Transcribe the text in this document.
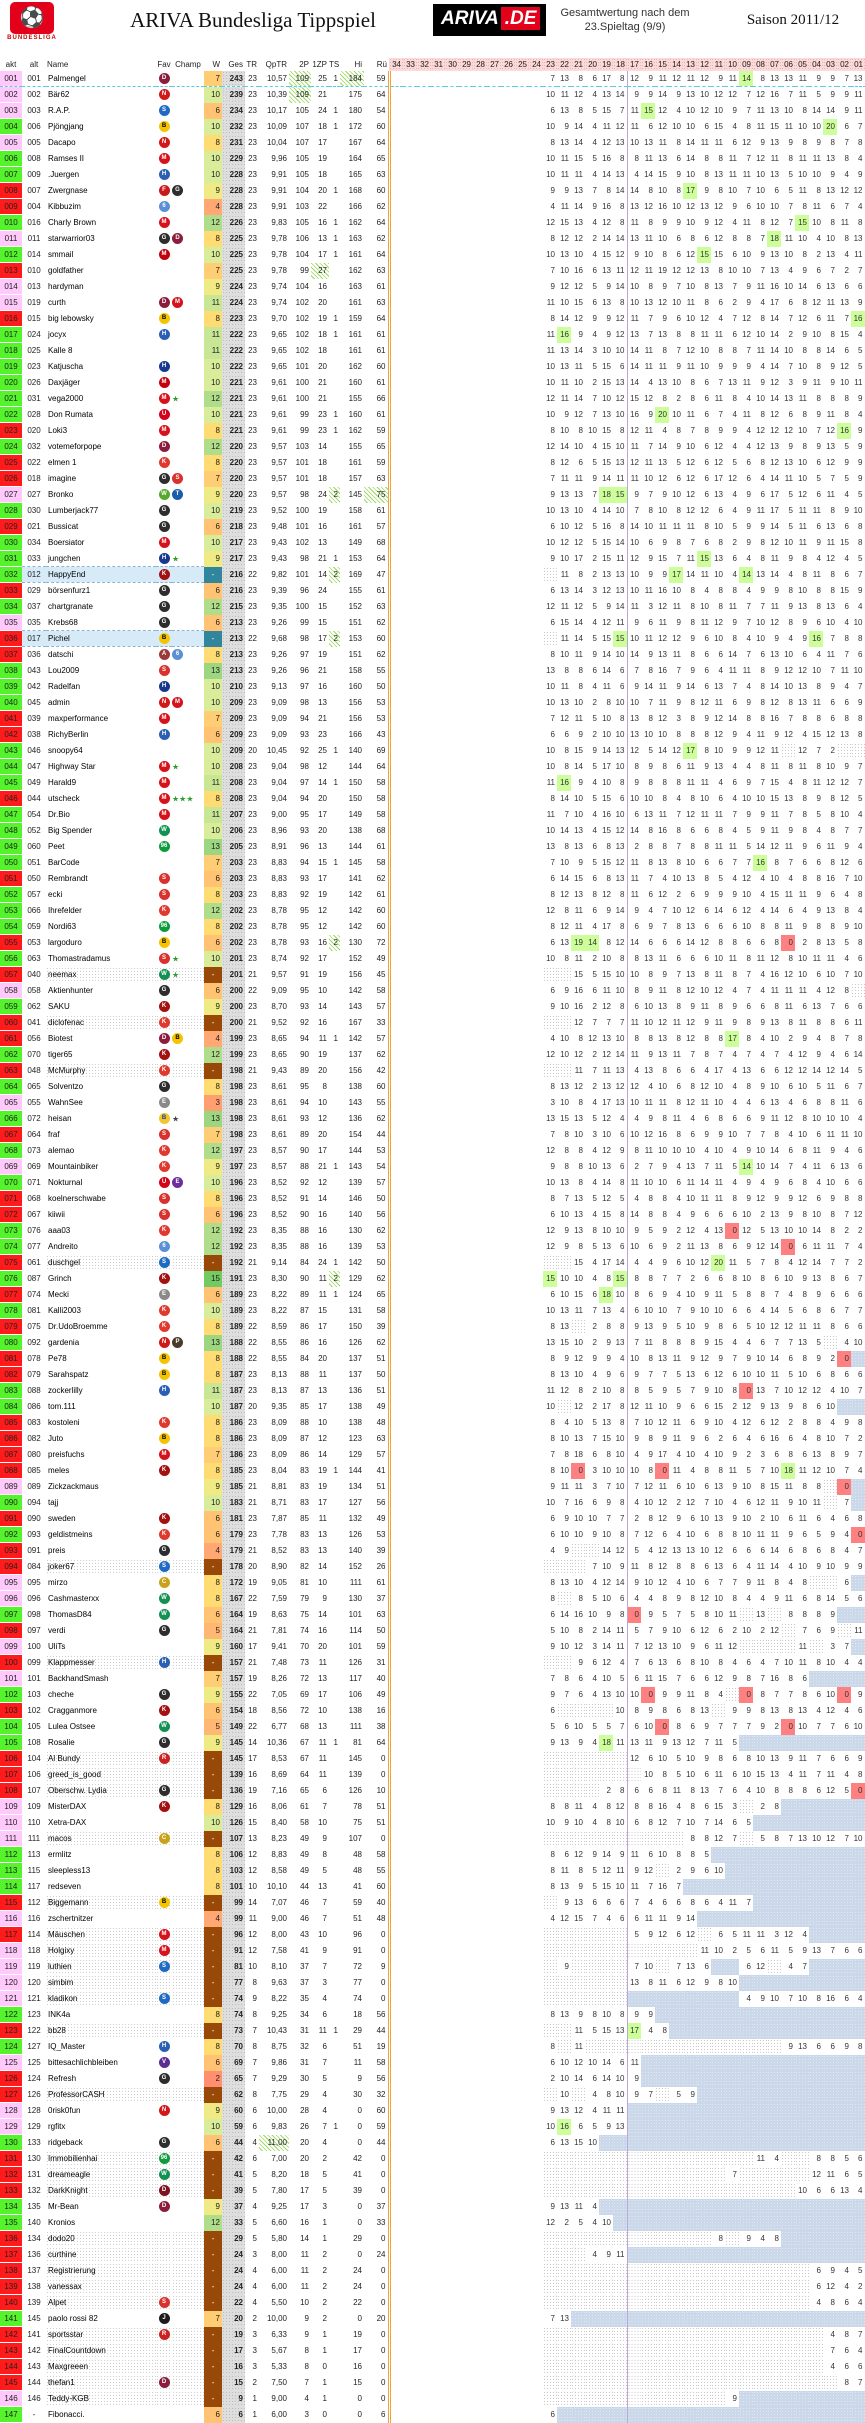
⚽
BUNDESLIGA
ARIVA Bundesliga Tippspiel	ARIVA .DE	Gesamtwertung nach dem
23.Spieltag (9/9)	Saison 2011/12
akt	alt	Name	Fav	Champ	W	Ges	TR	QpTR	2P	1ZP	TS	Hi	Rü	34	33	32	31	30	29	28	27	26	25	24	23	22	21	20	19	18	17	16	15	14	13	12	11	10	09	08	07	06	05	04	03	02	01
001	001	Palmengel	D		7	243	23	10,57	109	25	1	184	59												7	13	8	6	17	8	12	9	11	12	11	12	9	11	14	8	13	13	11	9	9	7	13
002	002	Bär62	N		10	239	23	10,39	109	21		175	64												10	11	12	4	13	14	9	9	14	9	13	10	12	12	7	12	16	7	11	5	9	9	11
003	003	R.A.P.	S		6	234	23	10,17	105	24	1	180	54												6	13	8	5	15	7	11	15	12	4	10	12	10	9	7	11	13	10	8	14	14	9	11
004	006	Pjöngjang	B		10	232	23	10,09	107	18	1	172	60												10	9	14	4	11	12	11	6	12	10	10	6	15	4	8	11	15	11	10	10	20	6	7
005	005	Dacapo	N		8	231	23	10,04	107	17		167	64												8	13	14	4	12	13	10	13	11	8	14	11	11	6	12	9	13	9	8	9	8	7	8
006	008	Ramses II	M		10	229	23	9,96	105	19		164	65												10	11	15	5	16	8	8	11	13	6	14	8	8	11	7	12	11	8	11	11	13	8	4
007	009	.Juergen	H		10	228	23	9,91	105	18		165	63												10	11	11	4	14	13	4	14	15	9	10	8	13	11	11	10	13	5	10	10	9	4	9
008	007	Zwergnase	F	G	9	228	23	9,91	104	20	1	168	60												9	9	13	7	8	14	14	8	10	8	17	9	8	10	7	10	6	5	11	8	13	12	12
009	004	Kibbuzim	6		4	228	23	9,91	103	22		166	62												4	11	14	9	16	8	13	12	16	10	12	13	12	9	6	10	10	7	8	11	6	7	4
010	016	Charly Brown	M		12	226	23	9,83	105	16	1	162	64												12	15	13	4	12	8	11	8	9	9	10	9	12	4	11	8	12	7	15	10	8	11	8
011	011	starwarrior03	G	D	8	225	23	9,78	106	13	1	163	62												8	12	12	2	14	14	13	11	10	6	8	6	12	8	8	7	18	11	10	4	10	8	13
012	014	smmail	M		10	225	23	9,78	104	17	1	161	64												10	13	10	4	15	12	9	10	8	6	12	15	15	6	10	9	13	10	8	2	13	4	11
013	010	goldfather			7	225	23	9,78	99	27		162	63												7	10	16	6	13	11	12	11	19	12	12	13	8	10	10	7	13	4	9	6	7	2	7
014	013	hardyman			9	224	23	9,74	104	16		163	61												9	12	12	5	9	14	10	8	9	7	10	8	13	7	9	11	16	10	14	6	13	6	6
015	019	curth	D	M	11	224	23	9,74	102	20		161	63												11	10	15	6	13	8	10	13	12	10	11	8	6	2	9	4	17	6	8	12	11	13	9
016	015	big lebowsky	B		8	223	23	9,70	102	19	1	159	64												8	14	12	9	9	12	11	7	9	6	10	12	4	7	12	8	14	7	12	6	11	7	16
017	024	jocyx	H		11	222	23	9,65	102	18	1	161	61												11	16	9	4	9	12	13	7	13	8	8	11	11	6	12	10	14	2	9	10	8	15	4
018	025	Kalle 8			11	222	23	9,65	102	18		161	61												11	13	14	3	10	10	14	11	8	7	12	10	8	8	7	11	14	10	8	8	14	6	5
019	023	Katjuscha	H		10	222	23	9,65	101	20		162	60												10	13	11	5	15	6	14	11	11	9	11	10	9	9	9	4	14	7	10	8	9	12	5
020	026	Daxjäger	M		10	221	23	9,61	100	21		160	61												10	11	10	2	15	13	14	4	13	10	8	6	7	13	11	9	12	3	9	11	9	10	11
021	031	vega2000	M	★	12	221	23	9,61	100	21		155	66												12	11	14	7	10	12	15	12	8	2	8	6	11	8	4	10	14	13	11	8	8	8	9
022	028	Don Rumata	U		10	221	23	9,61	99	23	1	160	61												10	9	12	7	13	10	16	9	20	10	11	6	7	4	11	8	12	6	8	9	11	8	4
023	020	Loki3	M		8	221	23	9,61	99	23	1	162	59												8	10	8	10	15	8	12	11	4	8	7	8	9	9	4	12	12	12	10	7	12	16	9
024	032	votemeforpope	D		12	220	23	9,57	103	14		155	65												12	14	10	4	15	10	11	7	14	9	10	6	12	4	4	12	13	9	8	9	13	5	9
025	022	elmen 1	K		8	220	23	9,57	101	18		161	59												8	12	6	5	15	13	12	11	13	5	12	6	12	5	6	8	12	13	10	6	12	9	9
026	018	imagine	G	S	7	220	23	9,57	101	18		157	63												7	11	11	9	14	11	11	10	12	6	12	6	17	12	6	4	14	11	10	5	7	5	9
027	027	Bronko	W	T	9	220	23	9,57	98	24	2	145	75												9	13	13	7	18	15	9	7	9	10	12	6	13	4	9	6	17	5	12	6	11	4	5
028	030	Lumberjack77	G		10	219	23	9,52	100	19		158	61												10	13	10	4	14	10	7	8	10	8	12	12	6	4	9	11	17	5	11	11	8	9	10
029	021	Bussicat	G		6	218	23	9,48	101	16		161	57												6	10	12	5	16	8	14	10	11	11	11	8	10	5	9	9	14	5	11	6	13	6	8
030	034	Boersiator	M		10	217	23	9,43	102	13		149	68												10	12	12	5	15	14	10	6	9	8	7	6	8	2	9	8	12	10	11	9	11	15	8
031	033	jungchen	H	★	9	217	23	9,43	98	21	1	153	64												9	10	17	2	15	11	12	9	15	7	11	15	13	6	4	8	11	9	8	4	12	4	5
032	012	HappyEnd	K		-	216	22	9,82	101	14	2	169	47													11	8	2	13	13	10	9	9	17	14	11	10	4	14	13	14	4	8	11	8	6	7
033	029	börsenfurz1	G		6	216	23	9,39	96	24		155	61												6	13	14	3	12	13	10	11	16	10	8	4	8	8	4	9	9	8	10	8	8	15	9
034	037	chartgranate	G		12	215	23	9,35	100	15		152	63												12	11	12	5	9	14	11	3	12	11	8	10	8	11	7	7	11	9	13	8	13	6	4
035	035	Krebs68	G		6	213	23	9,26	99	15		151	62												6	15	14	4	12	11	9	6	11	9	8	11	12	9	7	10	12	8	9	6	10	4	10
036	017	Pichel	B		-	213	22	9,68	98	17	2	153	60													11	14	5	15	15	10	11	12	12	9	6	10	8	4	10	9	4	9	16	7	8	8
037	036	datschi	A	6	8	213	23	9,26	97	19		151	62												8	10	11	9	14	10	14	9	13	11	8	6	6	14	7	6	13	10	6	4	11	7	6
038	043	Lou2009	S		13	213	23	9,26	96	21		158	55												13	8	8	6	14	6	7	8	16	7	9	6	4	11	11	8	9	12	12	10	7	11	10
039	042	Radelfan	H		10	210	23	9,13	97	16		160	50												10	11	8	4	11	6	9	14	11	9	14	6	13	7	4	8	14	10	13	8	9	4	7
040	045	admin	N	M	10	209	23	9,09	98	13		156	53												10	13	10	2	8	10	10	7	11	9	8	12	11	6	9	8	12	8	13	11	6	6	9
041	039	maxperformance	M		7	209	23	9,09	94	21		156	53												7	12	11	5	10	8	13	8	12	3	8	9	12	14	8	8	16	7	8	8	6	8	8
042	038	RichyBerlin	H		6	209	23	9,09	93	23		166	43												6	6	9	2	10	10	13	10	10	8	8	8	12	9	4	11	9	12	4	15	12	13	8
043	046	snoopy64			10	209	20	10,45	92	25	1	140	69												10	8	15	9	14	13	12	5	14	12	17	8	10	9	9	12	11		12	7	2		
044	047	Highway Star	M	★	10	208	23	9,04	98	12		144	64												10	8	14	5	17	10	8	9	8	6	11	9	13	4	4	8	11	8	11	8	10	9	7
045	049	Harald9	M		11	208	23	9,04	97	14	1	150	58												11	16	9	4	10	8	9	8	8	8	11	11	4	6	9	7	15	4	8	11	12	12	7
046	044	utscheck	M	★★★	8	208	23	9,04	94	20		150	58												8	14	10	5	15	6	10	10	8	4	8	10	6	4	10	10	15	13	8	9	8	12	5
047	054	Dr.Bio	M		11	207	23	9,00	95	17		149	58												11	7	10	4	16	10	6	13	11	7	12	11	11	7	9	9	11	7	8	5	8	10	4
048	052	Big Spender	W		10	206	23	8,96	93	20		138	68												10	14	13	4	15	12	14	8	16	8	6	6	8	4	5	9	11	9	8	4	8	7	7
049	060	Peet	96		13	205	23	8,91	96	13		144	61												13	8	13	6	8	13	2	8	8	7	8	8	11	11	5	14	12	11	9	6	11	9	4
050	051	BarCode			7	203	23	8,83	94	15	1	145	58												7	10	9	5	15	12	11	8	13	8	10	6	6	7	7	16	8	7	6	6	8	12	6
051	050	Rembrandt	S		6	203	23	8,83	93	17		141	62												6	14	15	6	8	13	11	7	4	10	13	8	5	4	12	4	10	4	8	8	16	7	10
052	057	ecki	S		8	203	23	8,83	92	19		142	61												8	12	13	8	12	8	11	6	12	2	6	9	9	9	10	4	15	11	11	9	6	4	8
053	066	Ihrefelder	K		12	202	23	8,78	95	12		142	60												12	8	11	6	9	14	9	4	7	10	12	6	14	6	12	4	14	6	4	9	13	8	4
054	059	Nordi63	96		8	202	23	8,78	95	12		142	60												8	12	11	4	17	8	6	9	7	8	13	6	6	6	10	8	8	11	9	8	8	9	10
055	053	largoduro	B		6	202	23	8,78	93	16	2	130	72												6	13	19	14	8	12	14	6	6	6	14	12	8	8	6	6	8	0	2	8	13	5	8
056	063	Thomastradamus	S	★	10	201	23	8,74	92	17		152	49												10	8	11	2	10	8	8	13	11	6	6	6	10	11	8	11	12	8	10	11	11	4	6
057	040	neemax	W	★	-	201	21	9,57	91	19		156	45														15	5	15	10	10	8	9	7	13	8	11	8	7	4	16	12	10	6	10	7	10
058	058	Aktienhunter	G		6	200	22	9,09	95	10		142	58												6	9	16	6	11	10	8	9	11	8	12	10	12	4	7	4	11	11	11	4	12	8	
059	062	SAKU	K		9	200	23	8,70	93	14		143	57												9	10	16	2	12	8	6	10	13	8	9	11	8	9	6	6	8	11	6	13	7	6	6
060	041	diclofenac	K		-	200	21	9,52	92	16		167	33														12	7	7	7	11	10	12	11	12	9	11	9	8	9	13	8	11	8	8	6	11
061	056	Biotest	D	B	4	199	23	8,65	94	11	1	142	57												4	10	8	12	13	10	8	8	13	8	12	8	8	17	8	4	10	2	9	4	8	7	8
062	070	tiger65	K		12	199	23	8,65	90	19		137	62												12	10	12	2	12	14	11	9	13	11	7	8	7	4	7	4	7	4	12	9	4	6	14
063	048	McMurphy	K		-	198	21	9,43	89	20		156	42														11	7	11	13	4	13	8	6	6	4	17	4	13	6	6	12	12	14	12	14	5
064	065	Solventzo	G		8	198	23	8,61	95	8		138	60												8	13	12	2	13	12	12	4	10	6	8	12	10	4	8	9	10	6	10	5	11	6	7
065	055	WahnSee	E		3	198	23	8,61	94	10		143	55												3	10	8	4	17	13	10	11	11	8	12	11	10	4	4	6	13	4	6	8	8	11	6
066	072	heisan	B	★	13	198	23	8,61	93	12		136	62												13	15	13	5	12	4	4	9	8	11	4	6	8	6	6	9	11	12	8	10	10	10	4
067	064	fraf	S		7	198	23	8,61	89	20		154	44												7	8	10	3	10	6	10	12	16	8	6	9	9	10	7	7	8	4	10	6	11	11	10
068	073	alemao	K		12	197	23	8,57	90	17		144	53												12	8	8	4	12	9	8	11	10	10	10	4	10	4	9	10	14	6	8	11	9	4	6
069	069	Mountainbiker	K		9	197	23	8,57	88	21	1	143	54												9	8	8	10	13	6	2	7	9	4	13	7	11	5	14	10	14	7	4	11	6	13	6
070	071	Nokturnal	U	E	10	196	23	8,52	92	12		139	57												10	13	8	4	14	8	11	10	10	6	11	14	11	4	9	4	9	6	8	4	10	6	6
071	068	koelnerschwabe	S		8	196	23	8,52	91	14		146	50												8	7	13	5	12	5	4	8	8	4	10	11	11	8	9	12	9	9	12	6	9	8	8
072	067	kiiwii	S		6	196	23	8,52	90	16		140	56												6	10	13	4	15	8	14	8	8	4	9	6	6	6	10	2	13	9	8	10	8	7	12
073	076	aaa03	K		12	192	23	8,35	88	16		130	62												12	9	13	8	10	10	9	5	9	2	12	4	13	0	12	5	13	10	10	14	8	2	2
074	077	Andreito	6		12	192	23	8,35	88	16		139	53												12	9	8	5	13	6	10	6	9	2	11	13	8	6	9	12	14	0	6	11	11	7	4
075	061	duschgel	S		-	192	21	9,14	84	24	1	142	50														15	4	17	14	4	4	9	6	10	12	20	11	5	7	8	4	12	14	7	7	2
076	087	Grinch	K		15	191	23	8,30	90	11	2	129	62												15	10	10	4	8	15	8	8	7	7	2	6	6	8	10	8	6	10	9	13	8	6	7
077	074	Mecki	E		6	189	23	8,22	89	11	1	124	65												6	10	15	6	18	10	8	6	9	4	10	9	11	5	8	8	7	4	8	9	6	6	6
078	081	Kalli2003	K		10	189	23	8,22	87	15		131	58												10	13	11	7	13	4	6	10	10	7	9	10	10	6	6	4	14	5	6	8	6	7	7
079	075	Dr.UdoBroemme	K		8	189	22	8,59	86	17		150	39												8	13		2	8	8	9	13	9	5	10	9	8	6	5	10	12	12	11	11	8	6	6
080	092	gardenia	N	P	13	188	22	8,55	86	16		126	62												13	15	10	2	9	13	7	11	8	8	8	9	15	4	4	6	7	7	13	5		4	10
081	078	Pe78	B		8	188	22	8,55	84	20		137	51												8	9	12	9	9	4	10	8	13	11	9	12	9	7	9	10	14	6	8	9	2	0	
082	079	Sarahspatz	B		8	187	23	8,13	88	11		137	50												8	13	10	4	9	6	9	7	7	5	13	6	12	6	10	10	11	5	10	6	8	6	6
083	088	zockerlilly	H		11	187	23	8,13	87	13		136	51												11	12	8	2	10	8	8	5	9	5	7	9	10	8	0	13	7	10	12	12	4	10	7
084	086	tom.111			10	187	20	9,35	85	17		138	49												10		12	2	17	8	12	11	10	9	6	6	15	2	12	9	13	9	8	6	10		
085	083	kostoleni	K		8	186	23	8,09	88	10		138	48												8	4	10	5	13	8	7	10	12	11	6	9	10	4	12	6	12	2	8	8	4	9	8
086	082	Juto	B		8	186	23	8,09	87	12		123	63												8	10	13	7	15	10	9	8	9	11	9	6	2	6	4	6	16	6	4	8	10	7	2
087	080	preisfuchs	M		7	186	23	8,09	86	14		129	57												7	8	18	6	8	10	4	9	17	4	10	4	10	9	2	3	6	8	6	13	8	9	7
088	085	meles	K		8	185	23	8,04	83	19	1	144	41												8	10	0	3	10	10	10	8	0	11	4	8	8	11	5	7	10	18	11	12	10	7	4
089	089	Zickzackmaus			9	185	21	8,81	83	19		134	51												9	11	11	3	7	10	7	12	11	6	10	6	13	9	10	8	15	11	8	8		0	
090	094	tajj			10	183	21	8,71	83	17		127	56												10	7	16	6	9	8	4	10	12	2	12	7	10	4	6	12	11	9	10	11		7	
091	090	sweden	K		6	181	23	7,87	85	11		132	49												6	9	10	10	7	7	2	8	12	9	6	10	13	9	10	2	10	6	11	6	4	6	8
092	093	geldistmeins	K		6	179	23	7,78	83	13		126	53												6	10	10	9	10	8	7	12	6	4	10	6	8	8	10	11	11	9	6	5	9	4	0
093	091	preis	G		4	179	21	8,52	83	13		140	39												4	9			14	12	5	4	12	13	13	10	12	6	6	6	14	6	8	6	8	4	7
094	084	joker67	S		-	178	20	8,90	82	14		152	26															7	10	9	11	8	12	8	8	6	13	6	4	11	14	4	10	9	10	9	9
095	095	mirzo	C		8	172	19	9,05	81	10		111	61												8	13	10	4	12	14	9	10	12	4	10	6	7	7	9	11	8	4	8			6	
096	096	Cashmasterxx	W		8	167	22	7,59	79	9		130	37												8		8	5	10	6	4	4	8	9	8	12	10	8	4	4	9	11	6	8	14	5	6
097	098	ThomasD84	W		6	164	19	8,63	75	14		101	63												6	14	16	10	9	8	0	9	5	7	5	8	10	11		13		8	8	8	9		
098	097	verdi	G		5	164	21	7,81	74	16		114	50												5	10	8	2	14	11	5	7	9	10	6	12	6	2	10	2	12		7	6	9		11
099	100	UliTs			9	160	17	9,41	70	20		101	59												9	10	12	3	14	11	7	12	13	10	9	6	11	12					11		3	7	
100	099	Klappmesser	H		-	157	21	7,48	73	11		126	31														9	6	12	4	7	6	13	6	8	10	8	4	6	4	7	10	11	8	10	4	4
101	101	BackhandSmash			7	157	19	8,26	72	13		117	40												7	8	6	4	10	5	6	11	15	7	6	6	12	9	8	7	16	8	6				
102	103	cheche	G		9	155	22	7,05	69	17		106	49												9	7	6	4	13	10	10	0	9	9	11	8	4		0	8	7	7	8	6	10	0	9
103	102	Cragganmore	K		6	154	18	8,56	72	10		138	16												6					10	8	9	8	6	8	13		9	9	8	13	8	13	4	12	4	6
104	105	Lulea Ostsee	W		5	149	22	6,77	68	13		111	38												5	6	10	5	5	7	6	10	0	8	6	9	7	7	7	9	2	0	10	7	7	6	10
105	108	Rosalie	G		9	145	14	10,36	67	11	1	81	64												9	13	9	4	18	11	13	11	9	13	12	7	11	5									
106	104	Al Bundy	R		-	145	17	8,53	67	11		145	0																		12	6	10	5	10	9	8	6	8	10	13	9	11	7	6	6	9
107	106	greed_is_good			-	139	16	8,69	64	11		139	0																			10	8	5	10	6	11	6	10	15	13	4	11	7	11	4	8
108	107	Oberschw. Lydia	G		-	136	19	7,16	65	6		126	10																2	8	6	6	8	11	8	13	7	6	4	10	8	8	8	6	12	5	0
109	109	MisterDAX	K		8	129	16	8,06	61	7		78	51												8	8	11	4	8	12	8	8	16	4	8	6	15	3		2	8						
110	110	Xetra-DAX			10	126	15	8,40	58	10		75	51												10	9	10	4	8	10	6	8	12	7	10	7	14	6	5								
111	111	macos	C		-	107	13	8,23	49	9		107	0																						8	8	12	7		5	8	7	13	10	12	7	10
112	113	ermlitz			8	106	12	8,83	49	8		48	58												8	6	12	9	14	9	11	6	10	8	8	5											
113	115	sleepless13			8	103	12	8,58	49	5		48	55												8	11	8	5	12	11	9	12		2	9	6	10										
114	117	redseven			8	101	10	10,10	44	13		41	60												8	13	9	5	15	10	11	7	16	7													
115	112	Biggemann	B		-	99	14	7,07	46	7		59	40													9	13	6	6	6	7	4	6	6	8	6	4	11	7								
116	116	zschertnitzer			4	99	11	9,00	46	7		51	48												4	12	15	7	4	6	6	11	11	9	14												
117	114	Mäuschen	M		-	96	12	8,00	43	10		96	0																		5	9	12	6	12		6	5	11	11	3	12	4				
118	118	Holgixy	M		-	91	12	7,58	41	9		91	0																							11	10	2	5	6	11	5	9	13	7	6	6
119	119	luthien	S		-	81	10	8,10	37	7		72	9													9					7	10		7	13	6			6	12		4	7				
120	120	simbim			-	77	8	9,63	37	3		77	0																		13	8	11	6	12	9	8	10									
121	121	kladikon	S		-	74	9	8,22	35	4		74	0																										4	9	10	7	10	8	16	6	4
122	123	INK4a			8	74	8	9,25	34	6		18	56												8	13	9	8	10	8	9	9															
123	122	bb28			-	73	7	10,43	31	11	1	29	44														11	5	15	13	17	4	8														
124	127	IQ_Master	H		8	70	8	8,75	32	6		51	19												8		11															9	13	6	6	9	8
125	125	bittesachlichbleiben	V		6	69	7	9,86	31	7		11	58												6	10	12	10	14	6	11																
126	124	Refresh	G		2	65	7	9,29	30	5		9	56												2	10	14	6	14	10	9																
127	126	ProfessorCASH			-	62	8	7,75	29	4		30	32													10		4	8	10	9	7		5	9												
128	128	0risk0fun	N		9	60	6	10,00	28	4		0	60												9	13	12	4	11	11																	
129	129	rgfitx			10	59	6	9,83	26	7	1	0	59												10	16	6	5	9	13																	
130	133	ridgeback	G		6	44	4	11,00	20	4		0	44												6	13	15	10																			
131	130	Immobilienhai	96		-	42	6	7,00	20	2		42	0																											11	4			8	8	5	6
132	131	dreameagle	W		-	41	5	8,20	18	5		41	0																									7						12	11	6	5
133	132	DarkKnight	D		-	39	5	7,80	17	5		39	0																														10	6	6	13	4
134	135	Mr-Bean	D		9	37	4	9,25	17	3		0	37												9	13	11	4																			
135	140	Kronios			12	33	5	6,60	16	1		0	33												12	2	5	4	10																		
136	134	dodo20			-	29	5	5,80	14	1		29	0																								8		9	4	8						
137	136	curthine			-	24	3	8,00	11	2		0	24															4	9	11																	
138	137	Registrierung			-	24	4	6,00	11	2		24	0																															6	9	4	5
139	138	vanessax			-	24	4	6,00	11	2		24	0																															6	12	4	2
140	139	Alpet	S		-	22	4	5,50	10	2		22	0																															4	8	6	4
141	145	paolo rossi 82	J		7	20	2	10,00	9	2		0	20												7	13																					
142	141	sportsstar	R		-	19	3	6,33	9	1		19	0																																4	8	7
143	142	FinalCountdown			-	17	3	5,67	8	1		17	0																																7	6	4
144	143	Maxgreeen			-	16	3	5,33	8	0		16	0																																4	6	6
145	144	thefan1	D		-	15	2	7,50	7	1		15	0																																	8	7
146	146	Teddy-KGB			-	9	1	9,00	4	1		0	0																									9									
147	-	Fibonacci.			6	6	1	6,00	3	0		0	6												6																						
